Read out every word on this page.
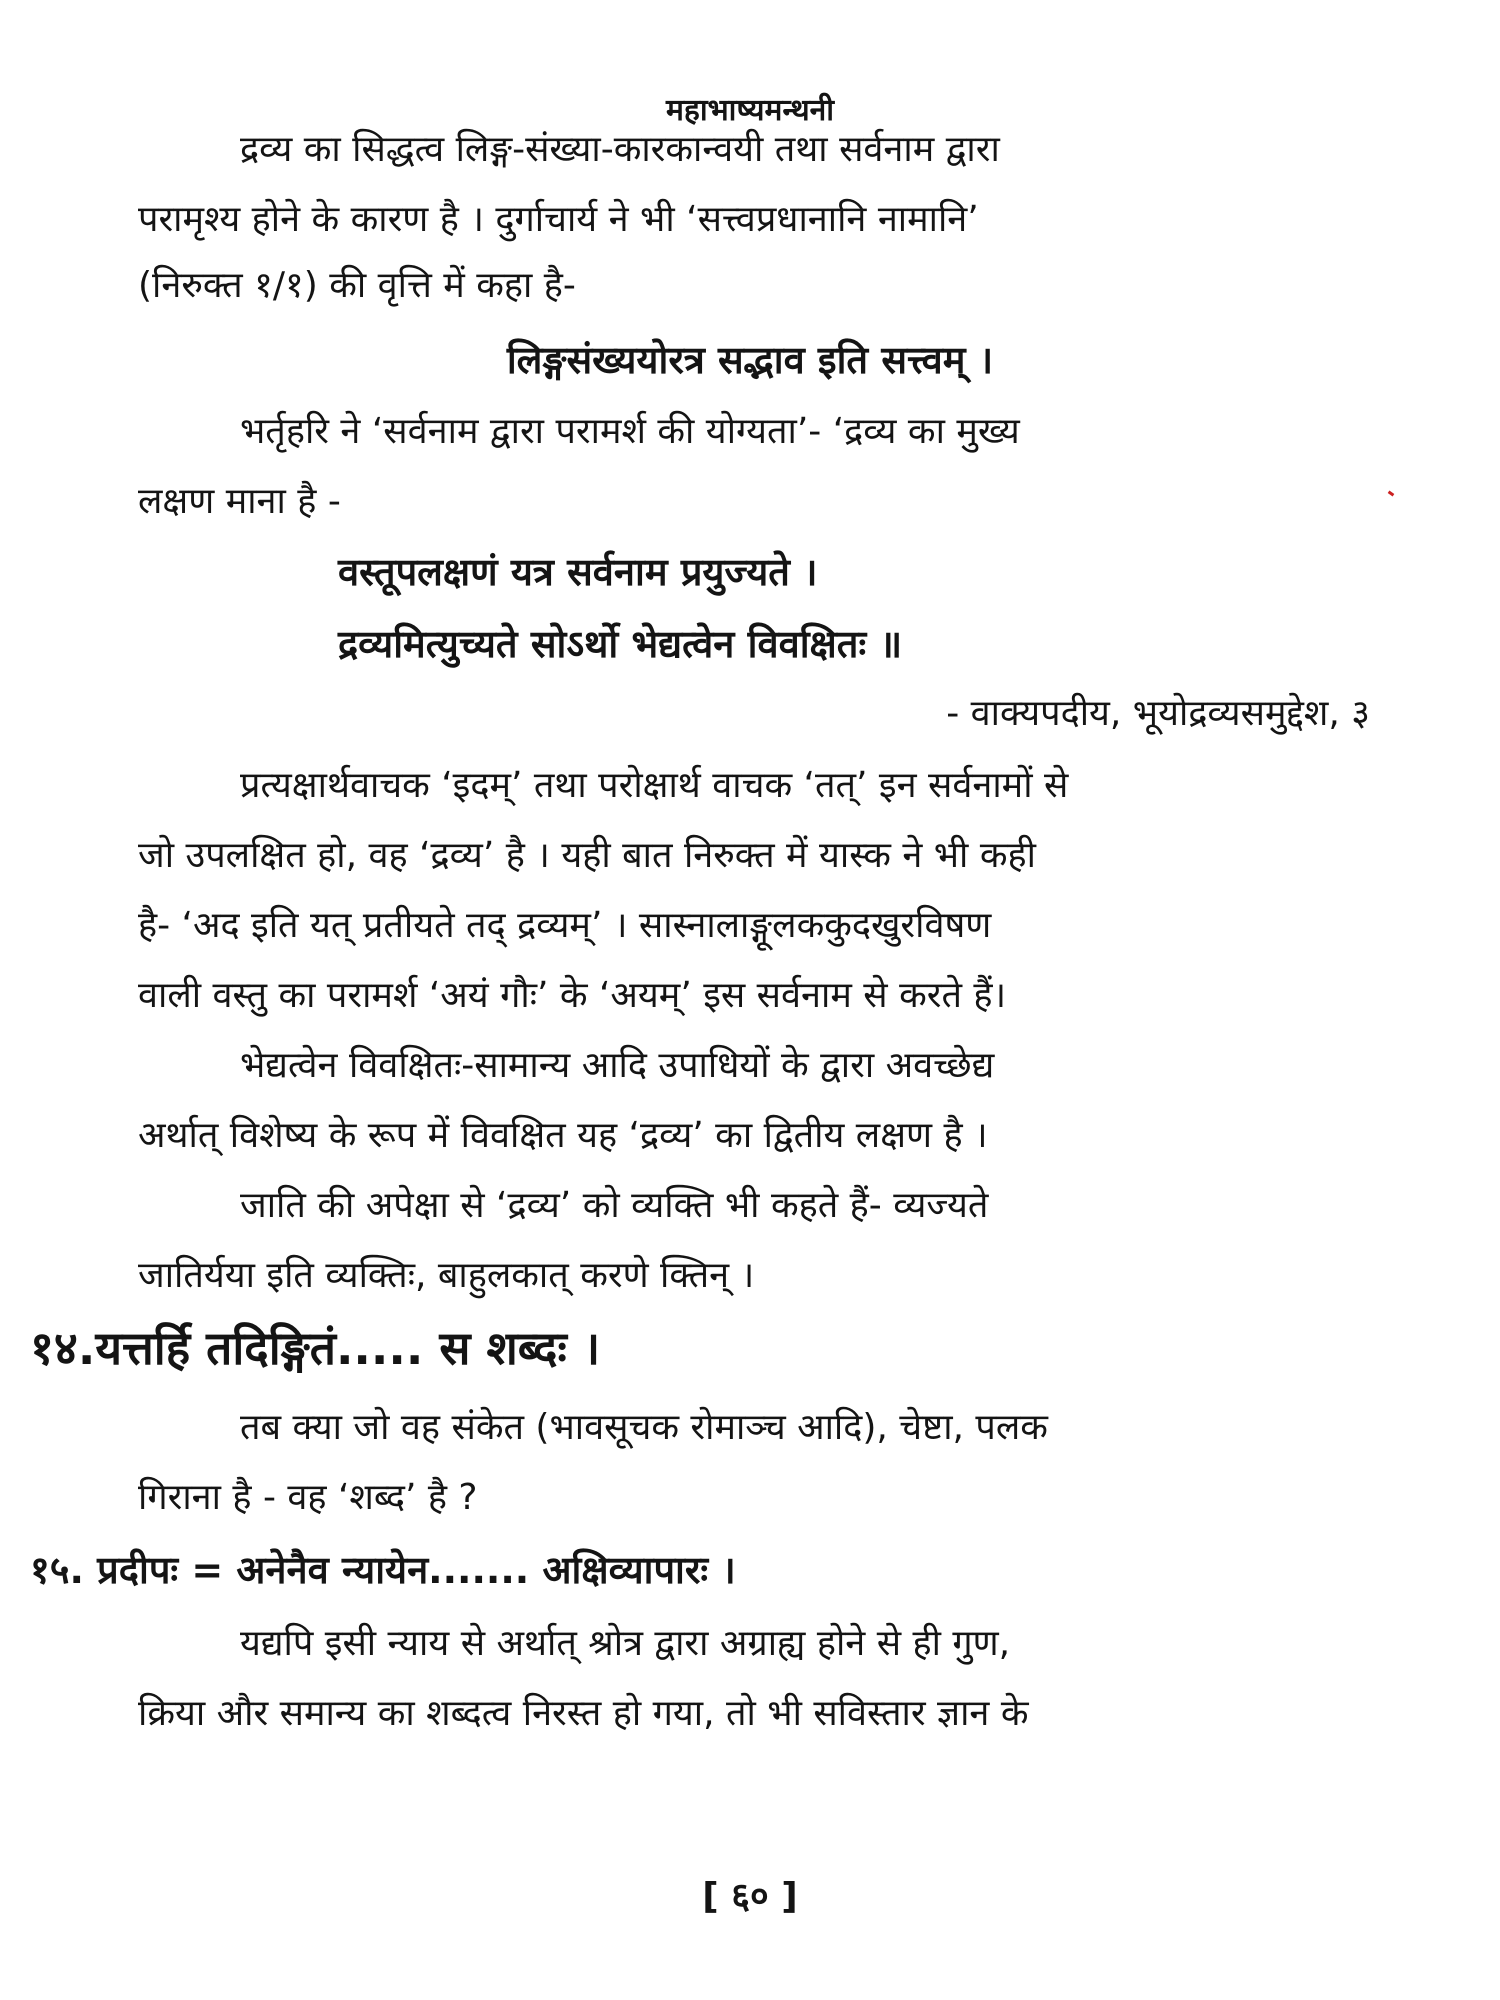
महाभाष्यमन्थनी
द्रव्य का सिद्धत्व लिङ्ग-संख्या-कारकान्वयी तथा सर्वनाम द्वारा
परामृश्य होने के कारण है । दुर्गाचार्य ने भी ‘सत्त्वप्रधानानि नामानि’
(निरुक्त १/१) की वृत्ति में कहा है-
लिङ्गसंख्ययोरत्र सद्भाव इति सत्त्वम् ।
भर्तृहरि ने ‘सर्वनाम द्वारा परामर्श की योग्यता’- ‘द्रव्य का मुख्य
लक्षण माना है -
वस्तूपलक्षणं यत्र सर्वनाम प्रयुज्यते ।
द्रव्यमित्युच्यते सोऽर्थो भेद्यत्वेन विवक्षितः ॥
- वाक्यपदीय, भूयोद्रव्यसमुद्देश, ३
प्रत्यक्षार्थवाचक ‘इदम्’ तथा परोक्षार्थ वाचक ‘तत्’ इन सर्वनामों से
जो उपलक्षित हो, वह ‘द्रव्य’ है । यही बात निरुक्त में यास्क ने भी कही
है- ‘अद इति यत् प्रतीयते तद् द्रव्यम्’ । सास्नालाङ्गूलककुदखुरविषण
वाली वस्तु का परामर्श ‘अयं गौः’ के ‘अयम्’ इस सर्वनाम से करते हैं।
भेद्यत्वेन विवक्षितः-सामान्य आदि उपाधियों के द्वारा अवच्छेद्य
अर्थात् विशेष्य के रूप में विवक्षित यह ‘द्रव्य’ का द्वितीय लक्षण है ।
जाति की अपेक्षा से ‘द्रव्य’ को व्यक्ति भी कहते हैं- व्यज्यते
जातिर्यया इति व्यक्तिः, बाहुलकात् करणे क्तिन् ।
१४.यत्तर्हि तदिङ्गितं..... स शब्दः ।
तब क्या जो वह संकेत (भावसूचक रोमाञ्च आदि), चेष्टा, पलक
गिराना है - वह ‘शब्द’ है ?
१५. प्रदीपः = अनेनैव न्यायेन....... अक्षिव्यापारः ।
यद्यपि इसी न्याय से अर्थात् श्रोत्र द्वारा अग्राह्य होने से ही गुण,
क्रिया और समान्य का शब्दत्व निरस्त हो गया, तो भी सविस्तार ज्ञान के
[ ६० ]
